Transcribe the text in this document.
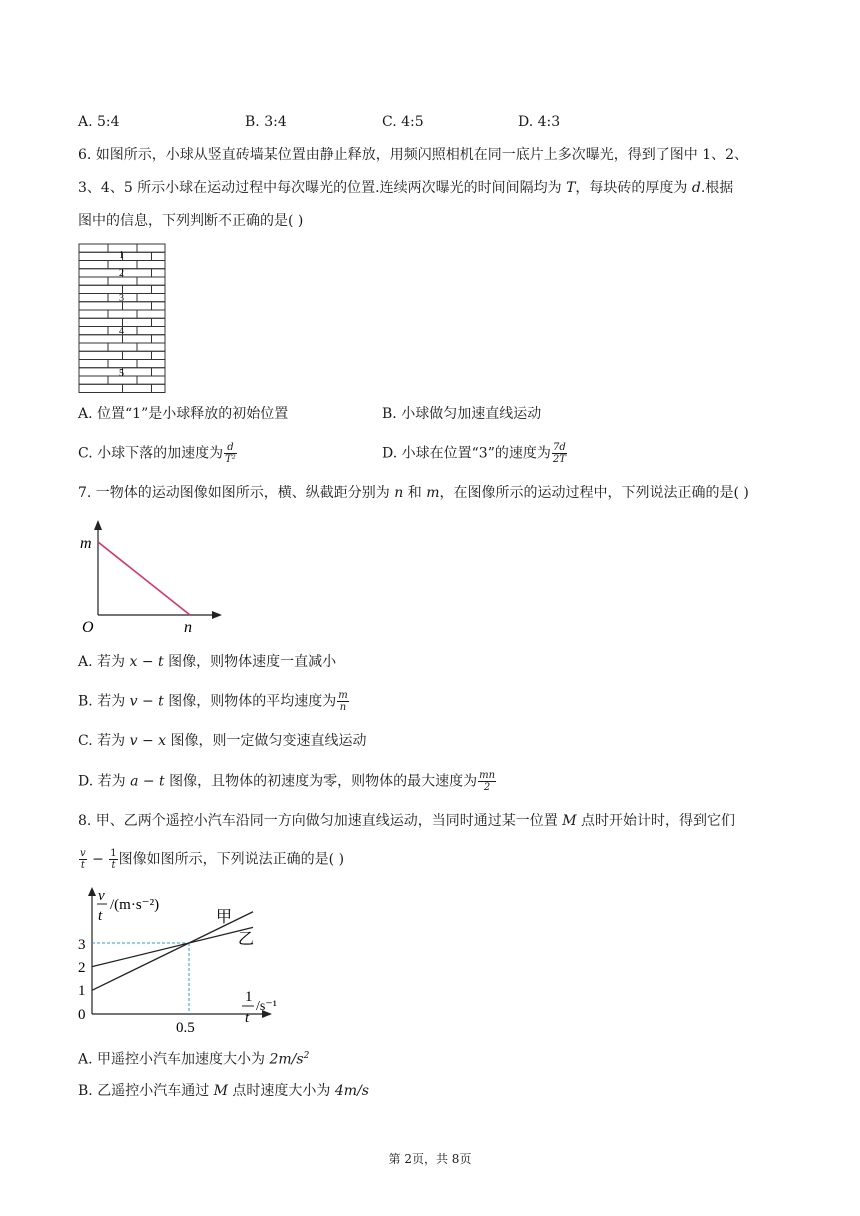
A. 5:4	B. 3:4	C. 4:5	D. 4:3
6. 如图所示，小球从竖直砖墙某位置由静止释放，用频闪照相机在同一底片上多次曝光，得到了图中 1、2、
3、4、5 所示小球在运动过程中每次曝光的位置.连续两次曝光的时间间隔均为 T，每块砖的厚度为 d.根据
图中的信息，下列判断不正确的是( )
1
2
3
4
5
A. 位置“1”是小球释放的初始位置	B. 小球做匀加速直线运动
C. 小球下落的加速度为 $\frac{d}{\text{T²}}$	D. 小球在位置“3”的速度为 $\frac{7d}{2T}$
7. 一物体的运动图像如图所示，横、纵截距分别为 n 和 m，在图像所示的运动过程中，下列说法正确的是( )
m
n
O
A. 若为 x − t 图像，则物体速度一直减小
B. 若为 v − t 图像，则物体的平均速度为 $\frac{m}{n}$
C. 若为 v − x 图像，则一定做匀变速直线运动
D. 若为 a − t 图像，且物体的初速度为零，则物体的最大速度为 $\frac{mn}{2}$
8. 甲、乙两个遥控小汽车沿同一方向做匀加速直线运动，当同时通过某一位置 M 点时开始计时，得到它们
$\frac{v}{t} - \frac{1}{t}$ 图像如图所示，下列说法正确的是( )
v
t
/(m·s⁻²)
3
2
1
0
0.5
1
t
/s⁻¹
甲
乙
A. 甲遥控小汽车加速度大小为 $2m/s^2$
B. 乙遥控小汽车通过 M 点时速度大小为 4m/s
第 2页，共 8页
